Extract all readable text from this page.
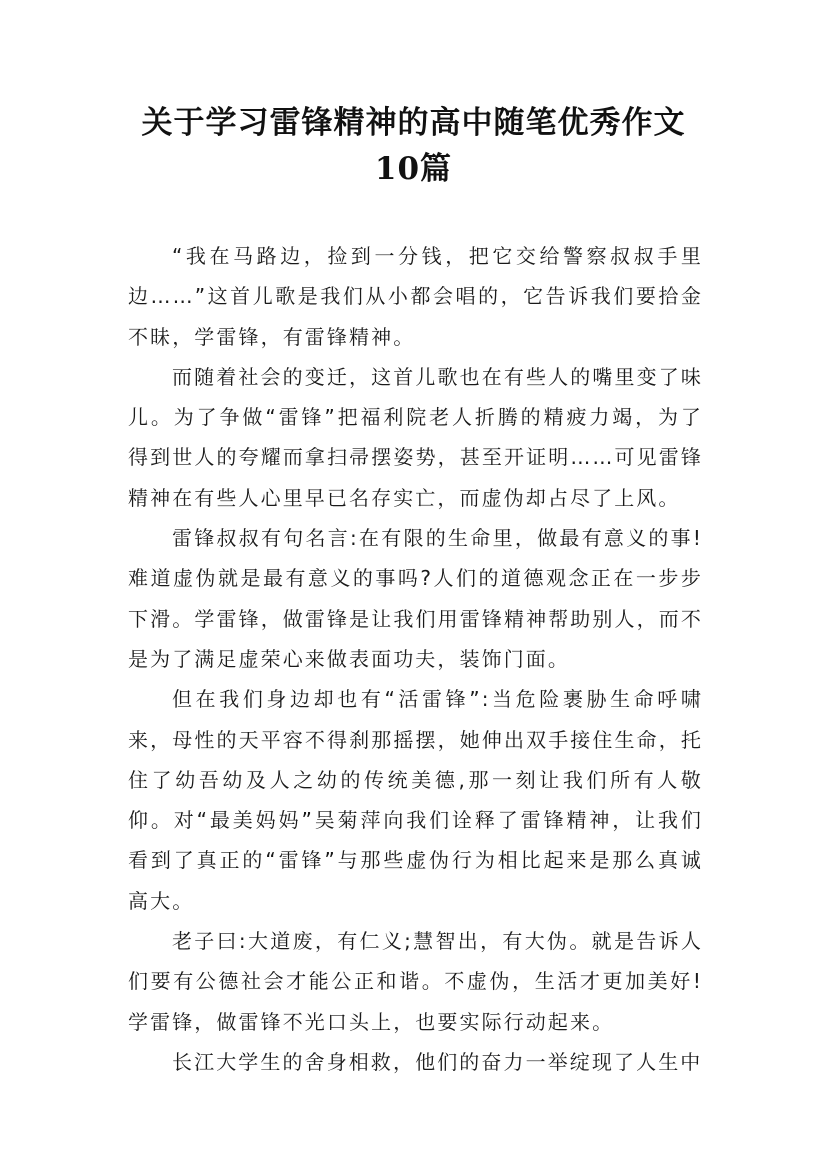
关于学习雷锋精神的高中随笔优秀作文10篇

“我在马路边，捡到一分钱，把它交给警察叔叔手里边……”这首儿歌是我们从小都会唱的，它告诉我们要拾金不昧，学雷锋，有雷锋精神。

而随着社会的变迁，这首儿歌也在有些人的嘴里变了味儿。为了争做“雷锋”把福利院老人折腾的精疲力竭，为了得到世人的夸耀而拿扫帚摆姿势，甚至开证明……可见雷锋精神在有些人心里早已名存实亡，而虚伪却占尽了上风。

雷锋叔叔有句名言:在有限的生命里，做最有意义的事!难道虚伪就是最有意义的事吗?人们的道德观念正在一步步下滑。学雷锋，做雷锋是让我们用雷锋精神帮助别人，而不是为了满足虚荣心来做表面功夫，装饰门面。

但在我们身边却也有“活雷锋”:当危险裹胁生命呼啸来，母性的天平容不得刹那摇摆，她伸出双手接住生命，托住了幼吾幼及人之幼的传统美德,那一刻让我们所有人敬仰。对“最美妈妈”吴菊萍向我们诠释了雷锋精神，让我们看到了真正的“雷锋”与那些虚伪行为相比起来是那么真诚高大。

老子曰:大道废，有仁义;慧智出，有大伪。就是告诉人们要有公德社会才能公正和谐。不虚伪，生活才更加美好!学雷锋，做雷锋不光口头上，也要实际行动起来。

长江大学生的舍身相救，他们的奋力一举绽现了人生中
